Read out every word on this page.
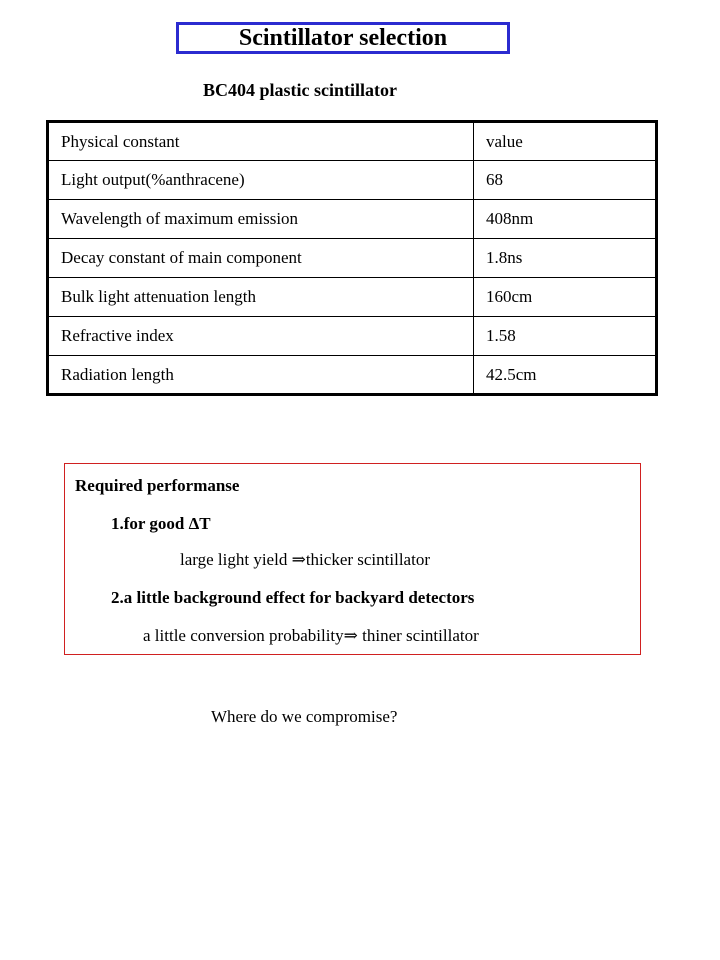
Scintillator selection
BC404 plastic scintillator
Physical constant	value
Light output(%anthracene)	68
Wavelength of maximum emission	408nm
Decay constant of main component	1.8ns
Bulk light attenuation length	160cm
Refractive index	1.58
Radiation length	42.5cm
Required performanse
1.for good ΔT
large light yield ⇒thicker scintillator
2.a little background effect for backyard detectors
a little conversion probability⇒ thiner scintillator
Where do we compromise?
